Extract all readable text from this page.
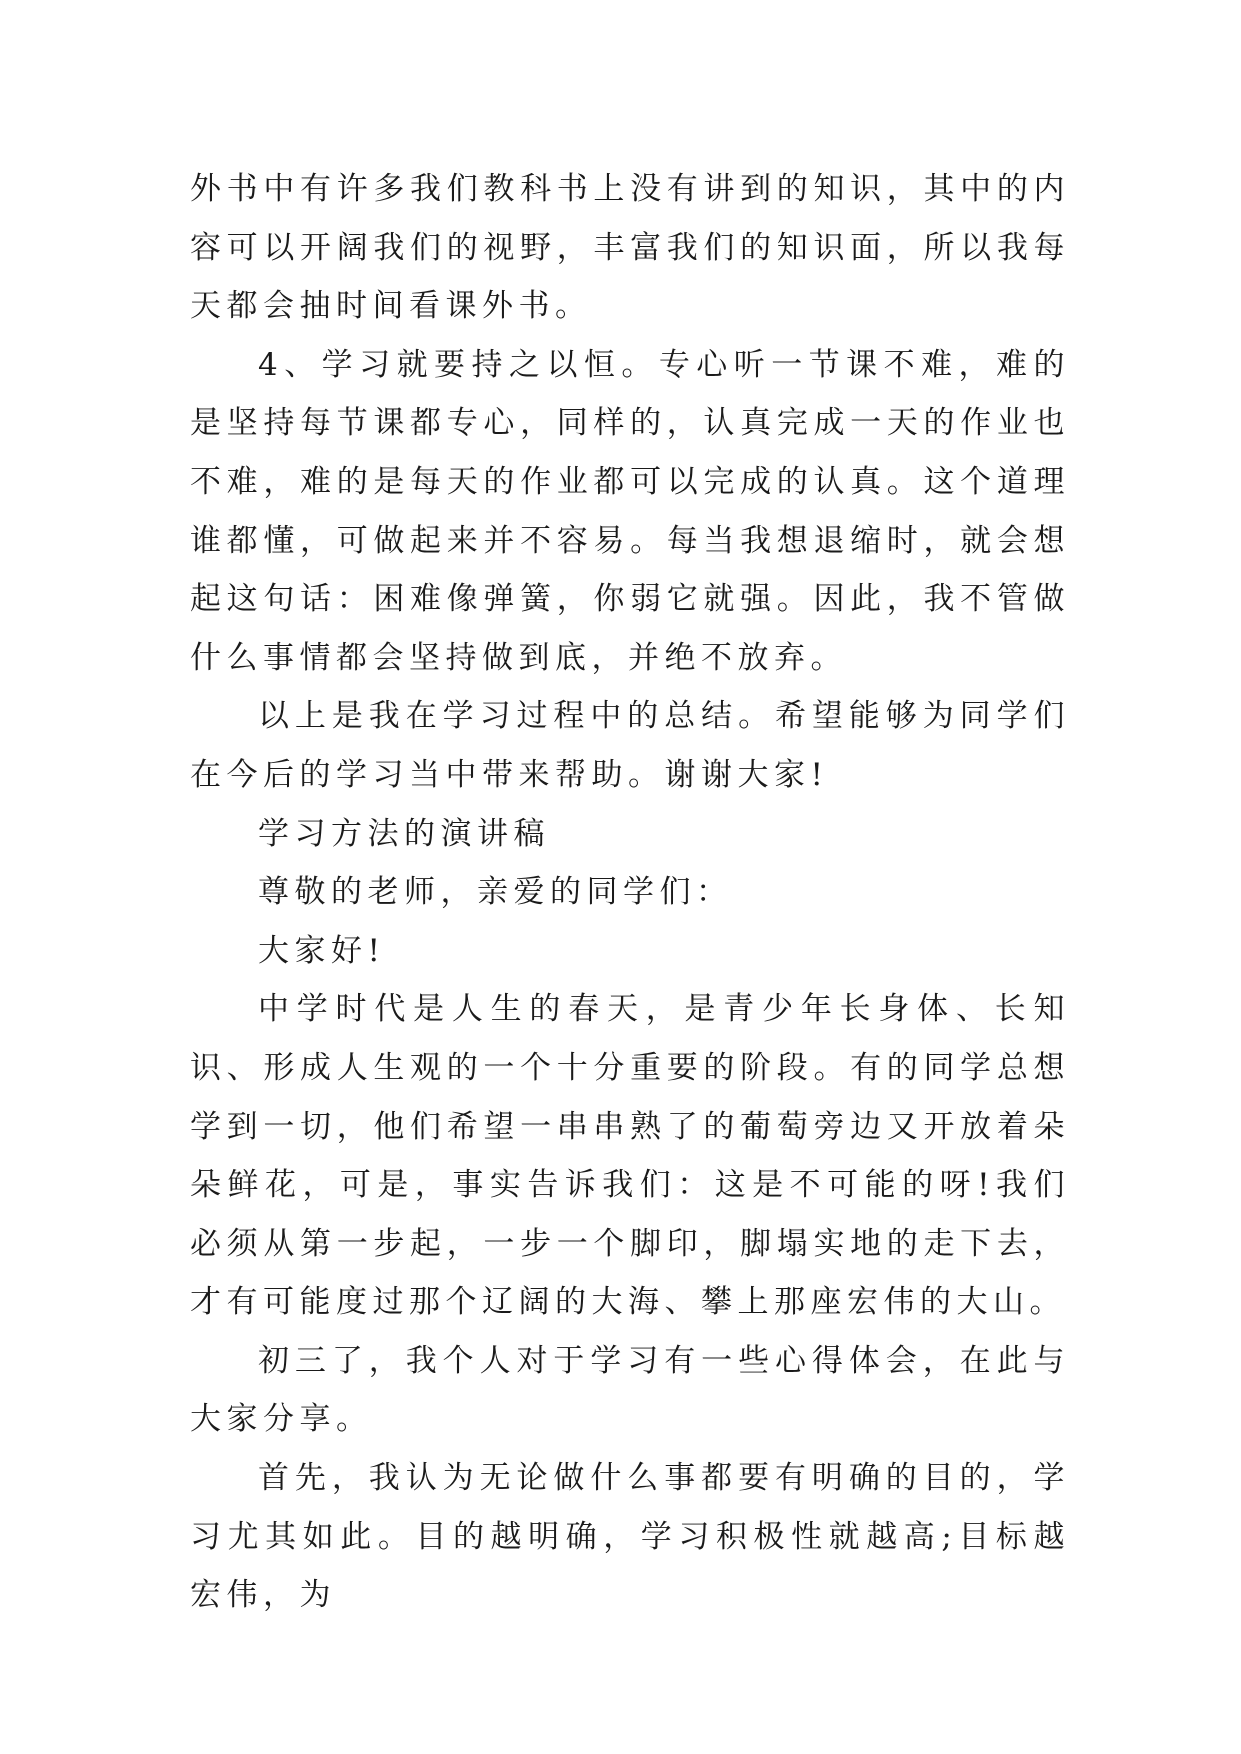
外书中有许多我们教科书上没有讲到的知识，其中的内容可以开阔我们的视野，丰富我们的知识面，所以我每天都会抽时间看课外书。

4、学习就要持之以恒。专心听一节课不难，难的是坚持每节课都专心，同样的，认真完成一天的作业也不难，难的是每天的作业都可以完成的认真。这个道理谁都懂，可做起来并不容易。每当我想退缩时，就会想起这句话：困难像弹簧，你弱它就强。因此，我不管做什么事情都会坚持做到底，并绝不放弃。

以上是我在学习过程中的总结。希望能够为同学们在今后的学习当中带来帮助。谢谢大家!

学习方法的演讲稿

尊敬的老师，亲爱的同学们：

大家好!

中学时代是人生的春天，是青少年长身体、长知识、形成人生观的一个十分重要的阶段。有的同学总想学到一切，他们希望一串串熟了的葡萄旁边又开放着朵朵鲜花，可是，事实告诉我们：这是不可能的呀!我们必须从第一步起，一步一个脚印，脚塌实地的走下去，才有可能度过那个辽阔的大海、攀上那座宏伟的大山。

初三了，我个人对于学习有一些心得体会，在此与大家分享。

首先，我认为无论做什么事都要有明确的目的，学习尤其如此。目的越明确，学习积极性就越高;目标越宏伟，为
